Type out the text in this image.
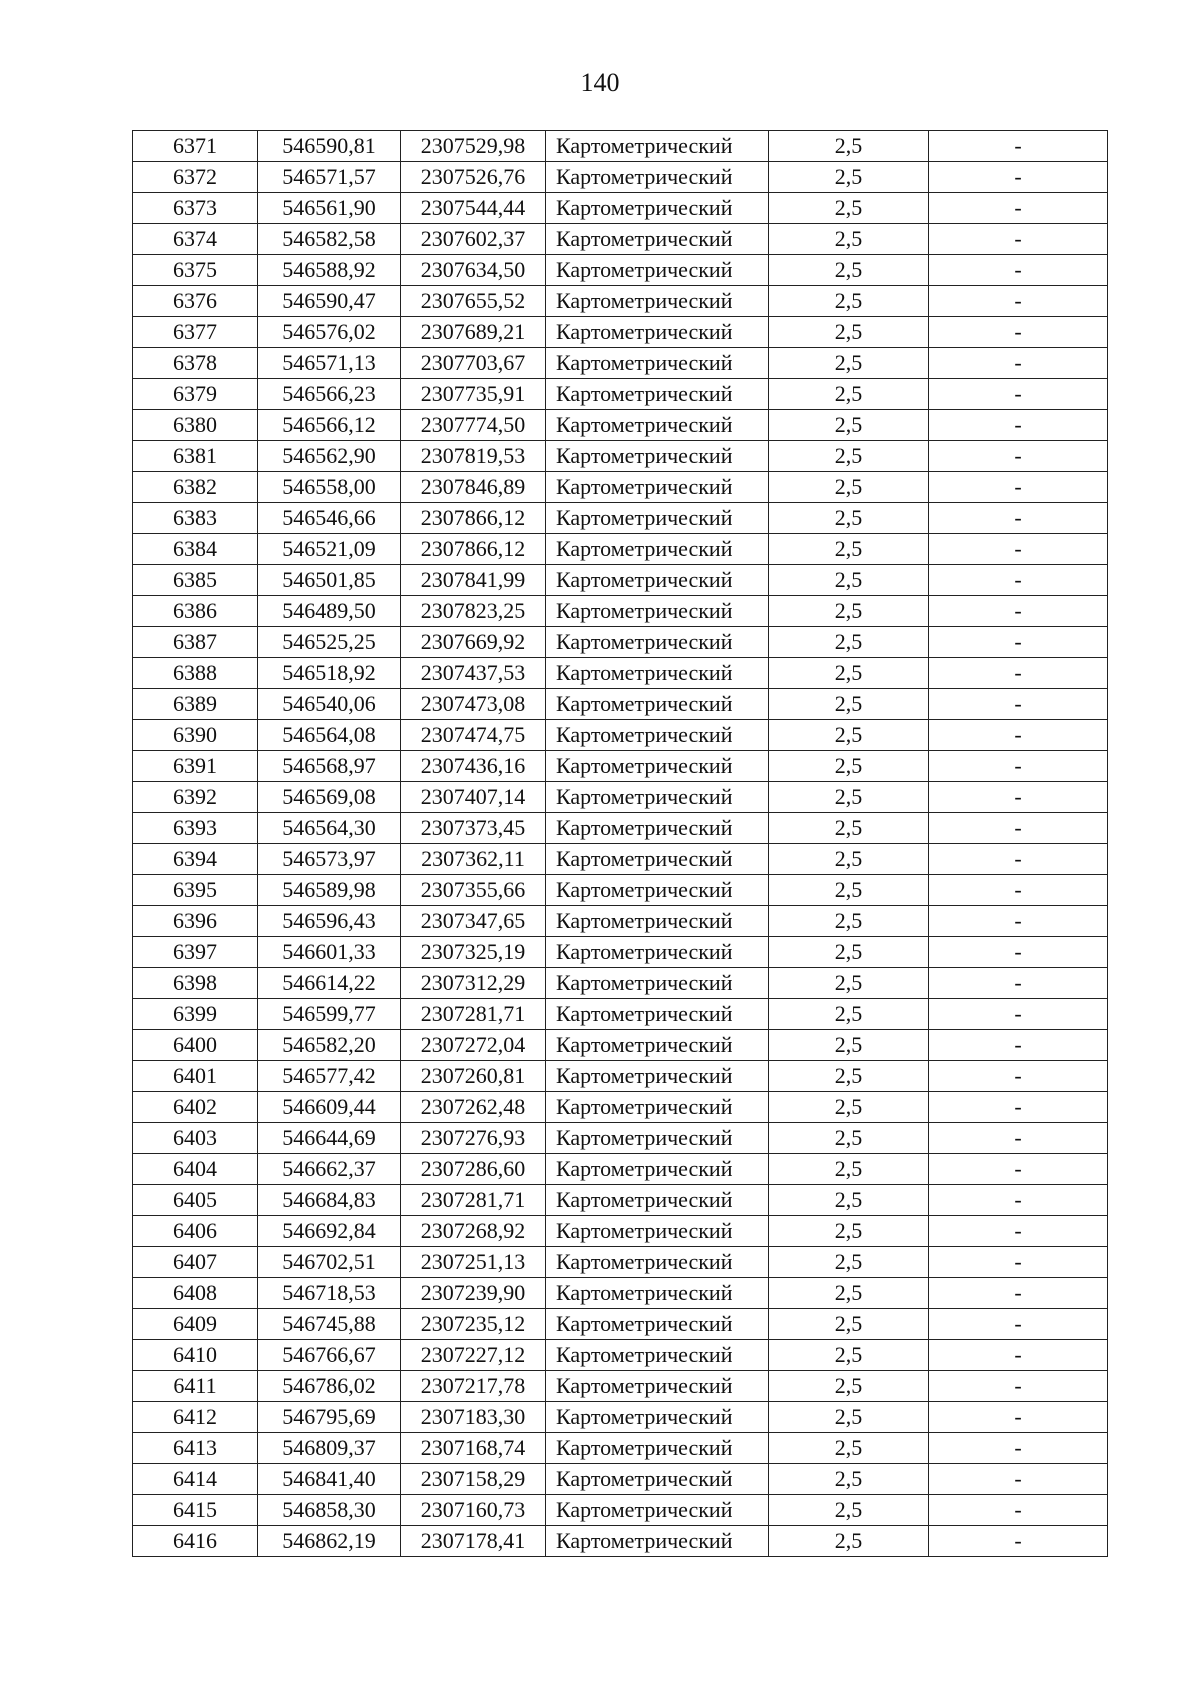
140
6371	546590,81	2307529,98	Картометрический	2,5	-
6372	546571,57	2307526,76	Картометрический	2,5	-
6373	546561,90	2307544,44	Картометрический	2,5	-
6374	546582,58	2307602,37	Картометрический	2,5	-
6375	546588,92	2307634,50	Картометрический	2,5	-
6376	546590,47	2307655,52	Картометрический	2,5	-
6377	546576,02	2307689,21	Картометрический	2,5	-
6378	546571,13	2307703,67	Картометрический	2,5	-
6379	546566,23	2307735,91	Картометрический	2,5	-
6380	546566,12	2307774,50	Картометрический	2,5	-
6381	546562,90	2307819,53	Картометрический	2,5	-
6382	546558,00	2307846,89	Картометрический	2,5	-
6383	546546,66	2307866,12	Картометрический	2,5	-
6384	546521,09	2307866,12	Картометрический	2,5	-
6385	546501,85	2307841,99	Картометрический	2,5	-
6386	546489,50	2307823,25	Картометрический	2,5	-
6387	546525,25	2307669,92	Картометрический	2,5	-
6388	546518,92	2307437,53	Картометрический	2,5	-
6389	546540,06	2307473,08	Картометрический	2,5	-
6390	546564,08	2307474,75	Картометрический	2,5	-
6391	546568,97	2307436,16	Картометрический	2,5	-
6392	546569,08	2307407,14	Картометрический	2,5	-
6393	546564,30	2307373,45	Картометрический	2,5	-
6394	546573,97	2307362,11	Картометрический	2,5	-
6395	546589,98	2307355,66	Картометрический	2,5	-
6396	546596,43	2307347,65	Картометрический	2,5	-
6397	546601,33	2307325,19	Картометрический	2,5	-
6398	546614,22	2307312,29	Картометрический	2,5	-
6399	546599,77	2307281,71	Картометрический	2,5	-
6400	546582,20	2307272,04	Картометрический	2,5	-
6401	546577,42	2307260,81	Картометрический	2,5	-
6402	546609,44	2307262,48	Картометрический	2,5	-
6403	546644,69	2307276,93	Картометрический	2,5	-
6404	546662,37	2307286,60	Картометрический	2,5	-
6405	546684,83	2307281,71	Картометрический	2,5	-
6406	546692,84	2307268,92	Картометрический	2,5	-
6407	546702,51	2307251,13	Картометрический	2,5	-
6408	546718,53	2307239,90	Картометрический	2,5	-
6409	546745,88	2307235,12	Картометрический	2,5	-
6410	546766,67	2307227,12	Картометрический	2,5	-
6411	546786,02	2307217,78	Картометрический	2,5	-
6412	546795,69	2307183,30	Картометрический	2,5	-
6413	546809,37	2307168,74	Картометрический	2,5	-
6414	546841,40	2307158,29	Картометрический	2,5	-
6415	546858,30	2307160,73	Картометрический	2,5	-
6416	546862,19	2307178,41	Картометрический	2,5	-
